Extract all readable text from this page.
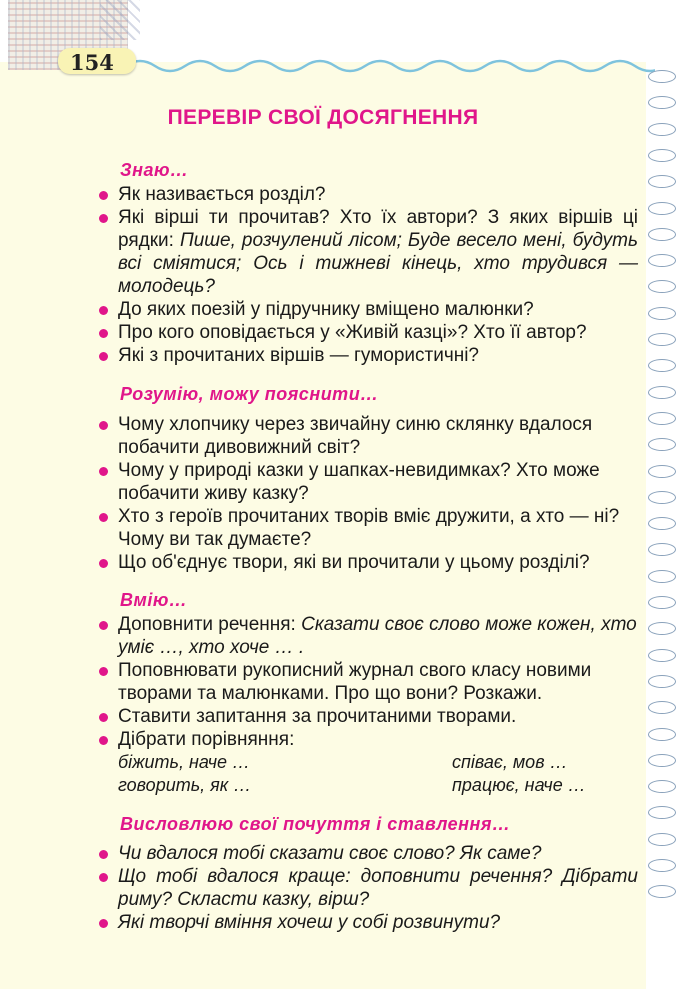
154
ПЕРЕВІР СВОЇ ДОСЯГНЕННЯ
Знаю…
Як називається розділ?
Які вірші ти прочитав? Хто їх автори? З яких віршів ці рядки: Пише, розчулений лісом; Буде весело мені, будуть всі сміятися; Ось і тижневі кінець, хто трудився — молодець?
До яких поезій у підручнику вміщено малюнки?
Про кого оповідається у «Живій казці»? Хто її автор?
Які з прочитаних віршів — гумористичні?
Розумію, можу пояснити…
Чому хлопчику через звичайну синю склянку вдалося побачити дивовижний світ?
Чому у природі казки у шапках-невидимках? Хто може побачити живу казку?
Хто з героїв прочитаних творів вміє дружити, а хто — ні? Чому ви так думаєте?
Що об'єднує твори, які ви прочитали у цьому розділі?
Вмію…
Доповнити речення: Сказати своє слово може кожен, хто уміє …, хто хоче … .
Поповнювати рукописний журнал свого класу новими творами та малюнками. Про що вони? Розкажи.
Ставити запитання за прочитаними творами.
Дібрати порівняння:
біжить, наче …	співає, мов …
говорить, як …	працює, наче …
Висловлюю свої почуття і ставлення…
Чи вдалося тобі сказати своє слово? Як саме?
Що тобі вдалося краще: доповнити речення? Дібрати риму? Скласти казку, вірш?
Які творчі вміння хочеш у собі розвинути?
